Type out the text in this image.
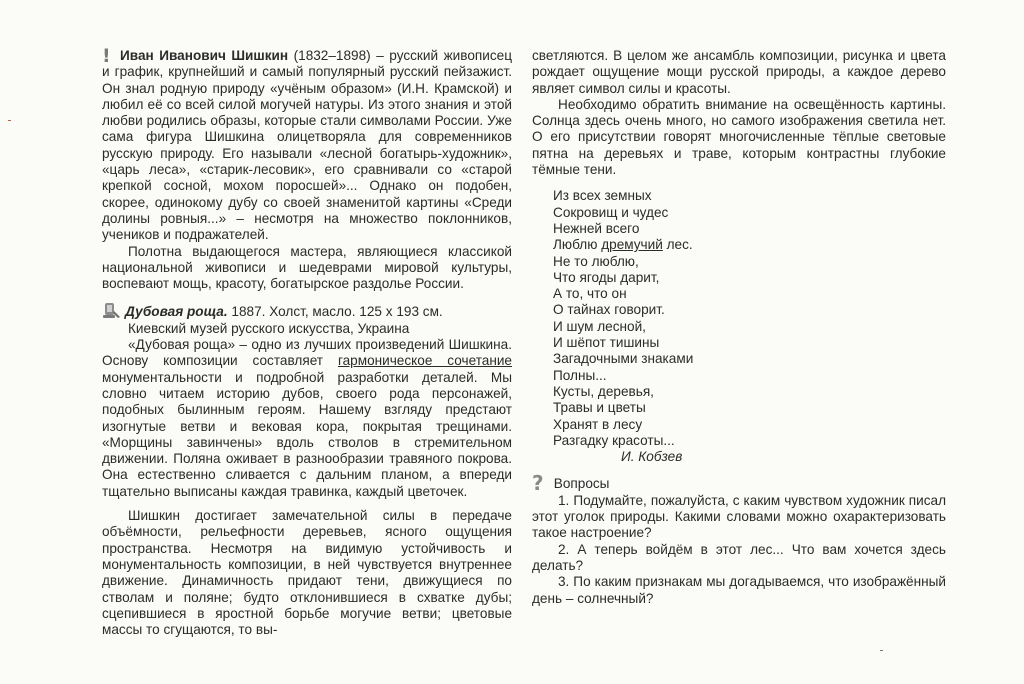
! Иван Иванович Шишкин (1832–1898) – русский живописец и график, крупнейший и самый популярный русский пейзажист. Он знал родную природу «учёным образом» (И.Н. Крамской) и любил её со всей силой могучей натуры. Из этого знания и этой любви родились образы, которые стали символами России. Уже сама фигура Шишкина олицетворяла для современников русскую природу. Его называли «лесной богатырь-художник», «царь леса», «старик-лесовик», его сравнивали со «старой крепкой сосной, мохом поросшей»... Однако он подобен, скорее, одинокому дубу со своей знаменитой картины «Среди долины ровныя...» – несмотря на множество поклонников, учеников и подражателей.

Полотна выдающегося мастера, являющиеся классикой национальной живописи и шедеврами мировой культуры, воспевают мощь, красоту, богатырское раздолье России.

Дубовая роща. 1887. Холст, масло. 125 x 193 см.

Киевский музей русского искусства, Украина

«Дубовая роща» – одно из лучших произведений Шишкина. Основу композиции составляет гармоническое сочетание монументальности и подробной разработки деталей. Мы словно читаем историю дубов, своего рода персонажей, подобных былинным героям. Нашему взгляду предстают изогнутые ветви и вековая кора, покрытая трещинами. «Морщины завинчены» вдоль стволов в стремительном движении. Поляна оживает в разнообразии травяного покрова. Она естественно сливается с дальним планом, а впереди тщательно выписаны каждая травинка, каждый цветочек.

Шишкин достигает замечательной силы в передаче объёмности, рельефности деревьев, ясного ощущения пространства. Несмотря на видимую устойчивость и монументальность композиции, в ней чувствуется внутреннее движение. Динамичность придают тени, движущиеся по стволам и поляне; будто отклонившиеся в схватке дубы; сцепившиеся в яростной борьбе могучие ветви; цветовые массы то сгущаются, то вы-

светляются. В целом же ансамбль композиции, рисунка и цвета рождает ощущение мощи русской природы, а каждое дерево являет символ силы и красоты.

Необходимо обратить внимание на освещённость картины. Солнца здесь очень много, но самого изображения светила нет. О его присутствии говорят многочисленные тёплые световые пятна на деревьях и траве, которым контрастны глубокие тёмные тени.

Из всех земных
Сокровищ и чудес
Нежней всего
Люблю дремучий лес.
Не то люблю,
Что ягоды дарит,
А то, что он
О тайнах говорит.
И шум лесной,
И шёпот тишины
Загадочными знаками
Полны...
Кусты, деревья,
Травы и цветы
Хранят в лесу
Разгадку красоты...
И. Кобзев
? Вопросы

1. Подумайте, пожалуйста, с каким чувством художник писал этот уголок природы. Какими словами можно охарактеризовать такое настроение?

2. А теперь войдём в этот лес... Что вам хочется здесь делать?

3. По каким признакам мы догадываемся, что изображённый день – солнечный?
